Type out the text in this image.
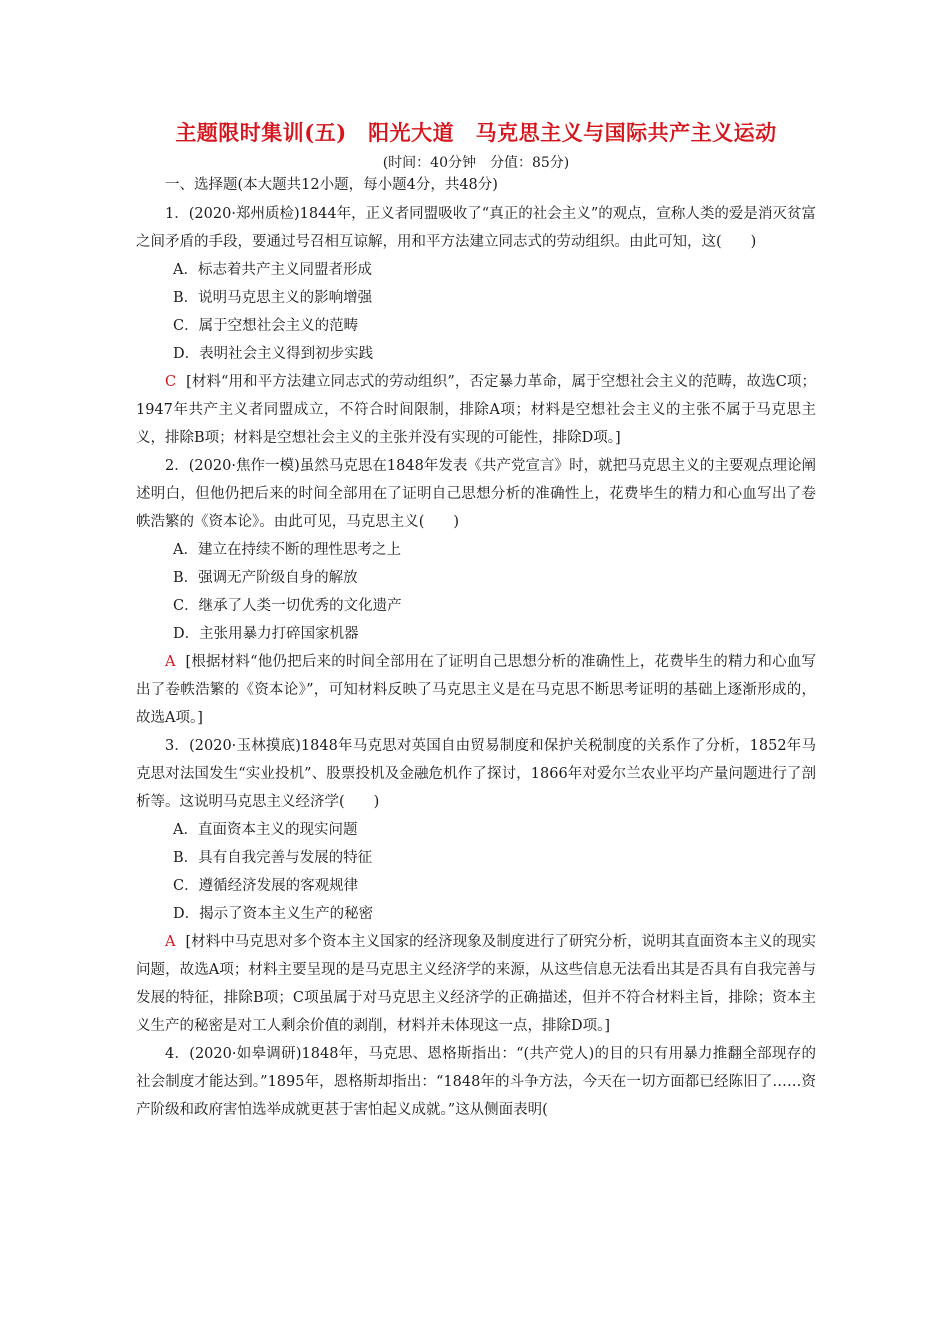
主题限时集训(五)　阳光大道　马克思主义与国际共产主义运动

(时间：40分钟　分值：85分)

一、选择题(本大题共12小题，每小题4分，共48分)

1．(2020·郑州质检)1844年，正义者同盟吸收了“真正的社会主义”的观点，宣称人类的爱是消灭贫富之间矛盾的手段，要通过号召相互谅解，用和平方法建立同志式的劳动组织。由此可知，这(　　)

A．标志着共产主义同盟者形成

B．说明马克思主义的影响增强

C．属于空想社会主义的范畴

D．表明社会主义得到初步实践

C [材料“用和平方法建立同志式的劳动组织”，否定暴力革命，属于空想社会主义的范畴，故选C项；1947年共产主义者同盟成立，不符合时间限制，排除A项；材料是空想社会主义的主张不属于马克思主义，排除B项；材料是空想社会主义的主张并没有实现的可能性，排除D项。]

2．(2020·焦作一模)虽然马克思在1848年发表《共产党宣言》时，就把马克思主义的主要观点理论阐述明白，但他仍把后来的时间全部用在了证明自己思想分析的准确性上，花费毕生的精力和心血写出了卷帙浩繁的《资本论》。由此可见，马克思主义(　　)

A．建立在持续不断的理性思考之上

B．强调无产阶级自身的解放

C．继承了人类一切优秀的文化遗产

D．主张用暴力打碎国家机器

A [根据材料“他仍把后来的时间全部用在了证明自己思想分析的准确性上，花费毕生的精力和心血写出了卷帙浩繁的《资本论》”，可知材料反映了马克思主义是在马克思不断思考证明的基础上逐渐形成的，故选A项。]

3．(2020·玉林摸底)1848年马克思对英国自由贸易制度和保护关税制度的关系作了分析，1852年马克思对法国发生“实业投机”、股票投机及金融危机作了探讨，1866年对爱尔兰农业平均产量问题进行了剖析等。这说明马克思主义经济学(　　)

A．直面资本主义的现实问题

B．具有自我完善与发展的特征

C．遵循经济发展的客观规律

D．揭示了资本主义生产的秘密

A [材料中马克思对多个资本主义国家的经济现象及制度进行了研究分析，说明其直面资本主义的现实问题，故选A项；材料主要呈现的是马克思主义经济学的来源，从这些信息无法看出其是否具有自我完善与发展的特征，排除B项；C项虽属于对马克思主义经济学的正确描述，但并不符合材料主旨，排除；资本主义生产的秘密是对工人剩余价值的剥削，材料并未体现这一点，排除D项。]

4．(2020·如皋调研)1848年，马克思、恩格斯指出：“(共产党人)的目的只有用暴力推翻全部现存的社会制度才能达到。”1895年，恩格斯却指出：“1848年的斗争方法，今天在一切方面都已经陈旧了……资产阶级和政府害怕选举成就更甚于害怕起义成就。”这从侧面表明(
